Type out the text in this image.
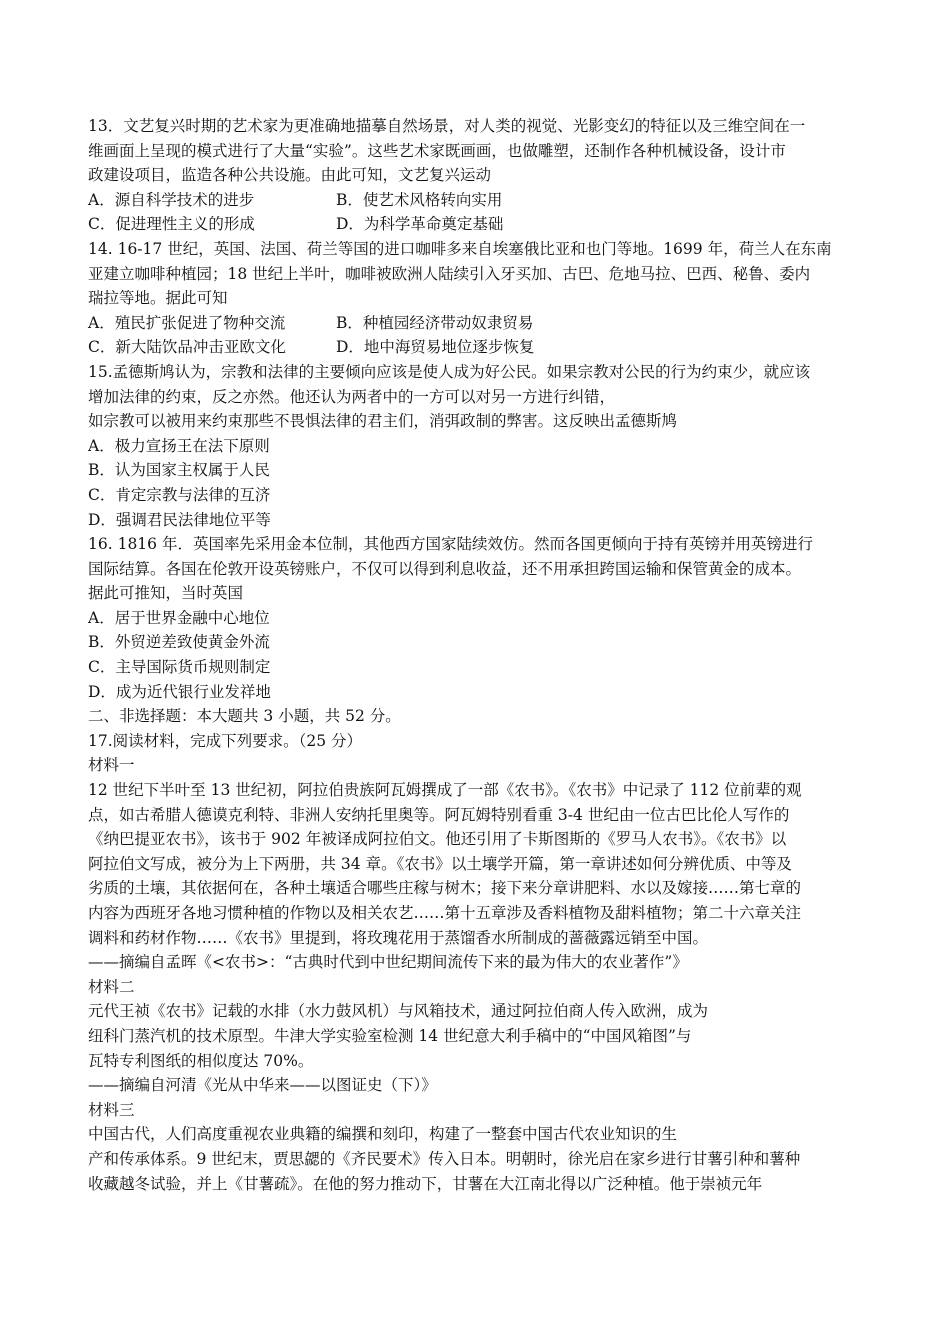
13．文艺复兴时期的艺术家为更准确地描摹自然场景，对人类的视觉、光影变幻的特征以及三维空间在一
维画面上呈现的模式进行了大量“实验”。这些艺术家既画画，也做雕塑，还制作各种机械设备，设计市
政建设项目，监造各种公共设施。由此可知，文艺复兴运动
A．源自科学技术的进步	B．使艺术风格转向实用
C．促进理性主义的形成	D．为科学革命奠定基础
14. 16-17 世纪，英国、法国、荷兰等国的进口咖啡多来自埃塞俄比亚和也门等地。1699 年，荷兰人在东南
亚建立咖啡种植园；18 世纪上半叶，咖啡被欧洲人陆续引入牙买加、古巴、危地马拉、巴西、秘鲁、委内
瑞拉等地。据此可知
A．殖民扩张促进了物种交流	B．种植园经济带动奴隶贸易
C．新大陆饮品冲击亚欧文化	D．地中海贸易地位逐步恢复
15.孟德斯鸠认为，宗教和法律的主要倾向应该是使人成为好公民。如果宗教对公民的行为约束少，就应该
增加法律的约束，反之亦然。他还认为两者中的一方可以对另一方进行纠错，
如宗教可以被用来约束那些不畏惧法律的君主们，消弭政制的弊害。这反映出孟德斯鸠
A．极力宣扬王在法下原则
B．认为国家主权属于人民
C．肯定宗教与法律的互济
D．强调君民法律地位平等
16. 1816 年．英国率先采用金本位制，其他西方国家陆续效仿。然而各国更倾向于持有英镑并用英镑进行
国际结算。各国在伦敦开设英镑账户，不仅可以得到利息收益，还不用承担跨国运输和保管黄金的成本。
据此可推知，当时英国
A．居于世界金融中心地位
B．外贸逆差致使黄金外流
C．主导国际货币规则制定
D．成为近代银行业发祥地
二、非选择题：本大题共 3 小题，共 52 分。
17.阅读材料，完成下列要求。（25 分）
材料一
12 世纪下半叶至 13 世纪初，阿拉伯贵族阿瓦姆撰成了一部《农书》。《农书》中记录了 112 位前辈的观
点，如古希腊人德谟克利特、非洲人安纳托里奥等。阿瓦姆特别看重 3-4 世纪由一位古巴比伦人写作的
《纳巴提亚农书》，该书于 902 年被译成阿拉伯文。他还引用了卡斯图斯的《罗马人农书》。《农书》以
阿拉伯文写成，被分为上下两册，共 34 章。《农书》以土壤学开篇，第一章讲述如何分辨优质、中等及
劣质的土壤，其依据何在，各种土壤适合哪些庄稼与树木；接下来分章讲肥料、水以及嫁接……第七章的
内容为西班牙各地习惯种植的作物以及相关农艺……第十五章涉及香料植物及甜料植物；第二十六章关注
调料和药材作物……《农书》里提到，将玫瑰花用于蒸馏香水所制成的蔷薇露远销至中国。
——摘编自孟晖《<农书>：“古典时代到中世纪期间流传下来的最为伟大的农业著作”》
材料二
元代王祯《农书》记载的水排（水力鼓风机）与风箱技术，通过阿拉伯商人传入欧洲，成为
纽科门蒸汽机的技术原型。牛津大学实验室检测 14 世纪意大利手稿中的“中国风箱图”与
瓦特专利图纸的相似度达 70%。
——摘编自河清《光从中华来——以图证史（下）》
材料三
中国古代，人们高度重视农业典籍的编撰和刻印，构建了一整套中国古代农业知识的生
产和传承体系。9 世纪末，贾思勰的《齐民要术》传入日本。明朝时，徐光启在家乡进行甘薯引种和薯种
收藏越冬试验，并上《甘薯疏》。在他的努力推动下，甘薯在大江南北得以广泛种植。他于崇祯元年
